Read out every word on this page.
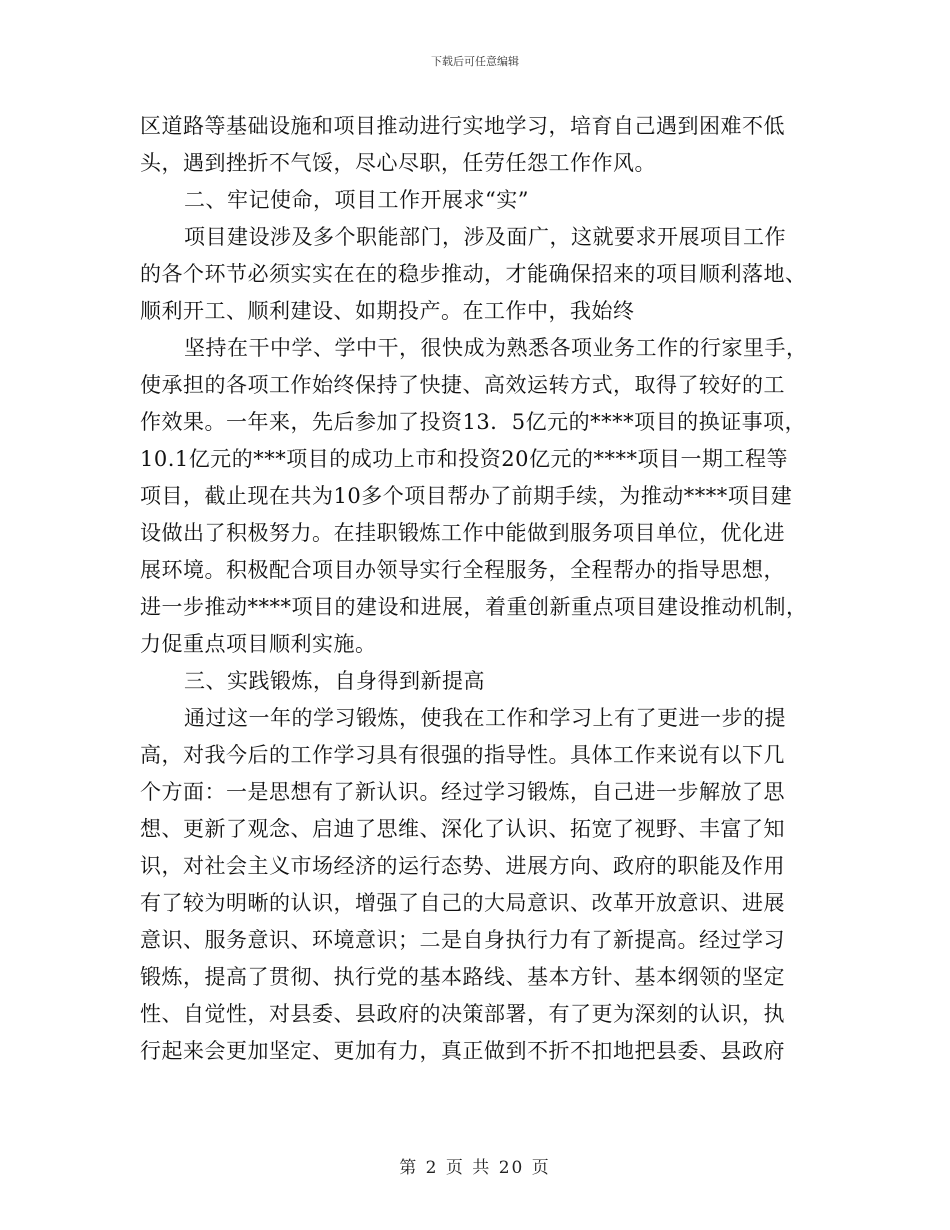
下载后可任意编辑
区道路等基础设施和项目推动进行实地学习，培育自己遇到困难不低
头，遇到挫折不气馁，尽心尽职，任劳任怨工作作风。
二、牢记使命，项目工作开展求“实”
项目建设涉及多个职能部门，涉及面广，这就要求开展项目工作
的各个环节必须实实在在的稳步推动，才能确保招来的项目顺利落地、
顺利开工、顺利建设、如期投产。在工作中，我始终
坚持在干中学、学中干，很快成为熟悉各项业务工作的行家里手，
使承担的各项工作始终保持了快捷、高效运转方式，取得了较好的工
作效果。一年来，先后参加了投资13．5亿元的****项目的换证事项，
10.1亿元的***项目的成功上市和投资20亿元的****项目一期工程等
项目，截止现在共为10多个项目帮办了前期手续，为推动****项目建
设做出了积极努力。在挂职锻炼工作中能做到服务项目单位，优化进
展环境。积极配合项目办领导实行全程服务，全程帮办的指导思想，
进一步推动****项目的建设和进展，着重创新重点项目建设推动机制，
力促重点项目顺利实施。
三、实践锻炼，自身得到新提高
通过这一年的学习锻炼，使我在工作和学习上有了更进一步的提
高，对我今后的工作学习具有很强的指导性。具体工作来说有以下几
个方面：一是思想有了新认识。经过学习锻炼，自己进一步解放了思
想、更新了观念、启迪了思维、深化了认识、拓宽了视野、丰富了知
识，对社会主义市场经济的运行态势、进展方向、政府的职能及作用
有了较为明晰的认识，增强了自己的大局意识、改革开放意识、进展
意识、服务意识、环境意识；二是自身执行力有了新提高。经过学习
锻炼，提高了贯彻、执行党的基本路线、基本方针、基本纲领的坚定
性、自觉性，对县委、县政府的决策部署，有了更为深刻的认识，执
行起来会更加坚定、更加有力，真正做到不折不扣地把县委、县政府
第 2 页 共 20 页
